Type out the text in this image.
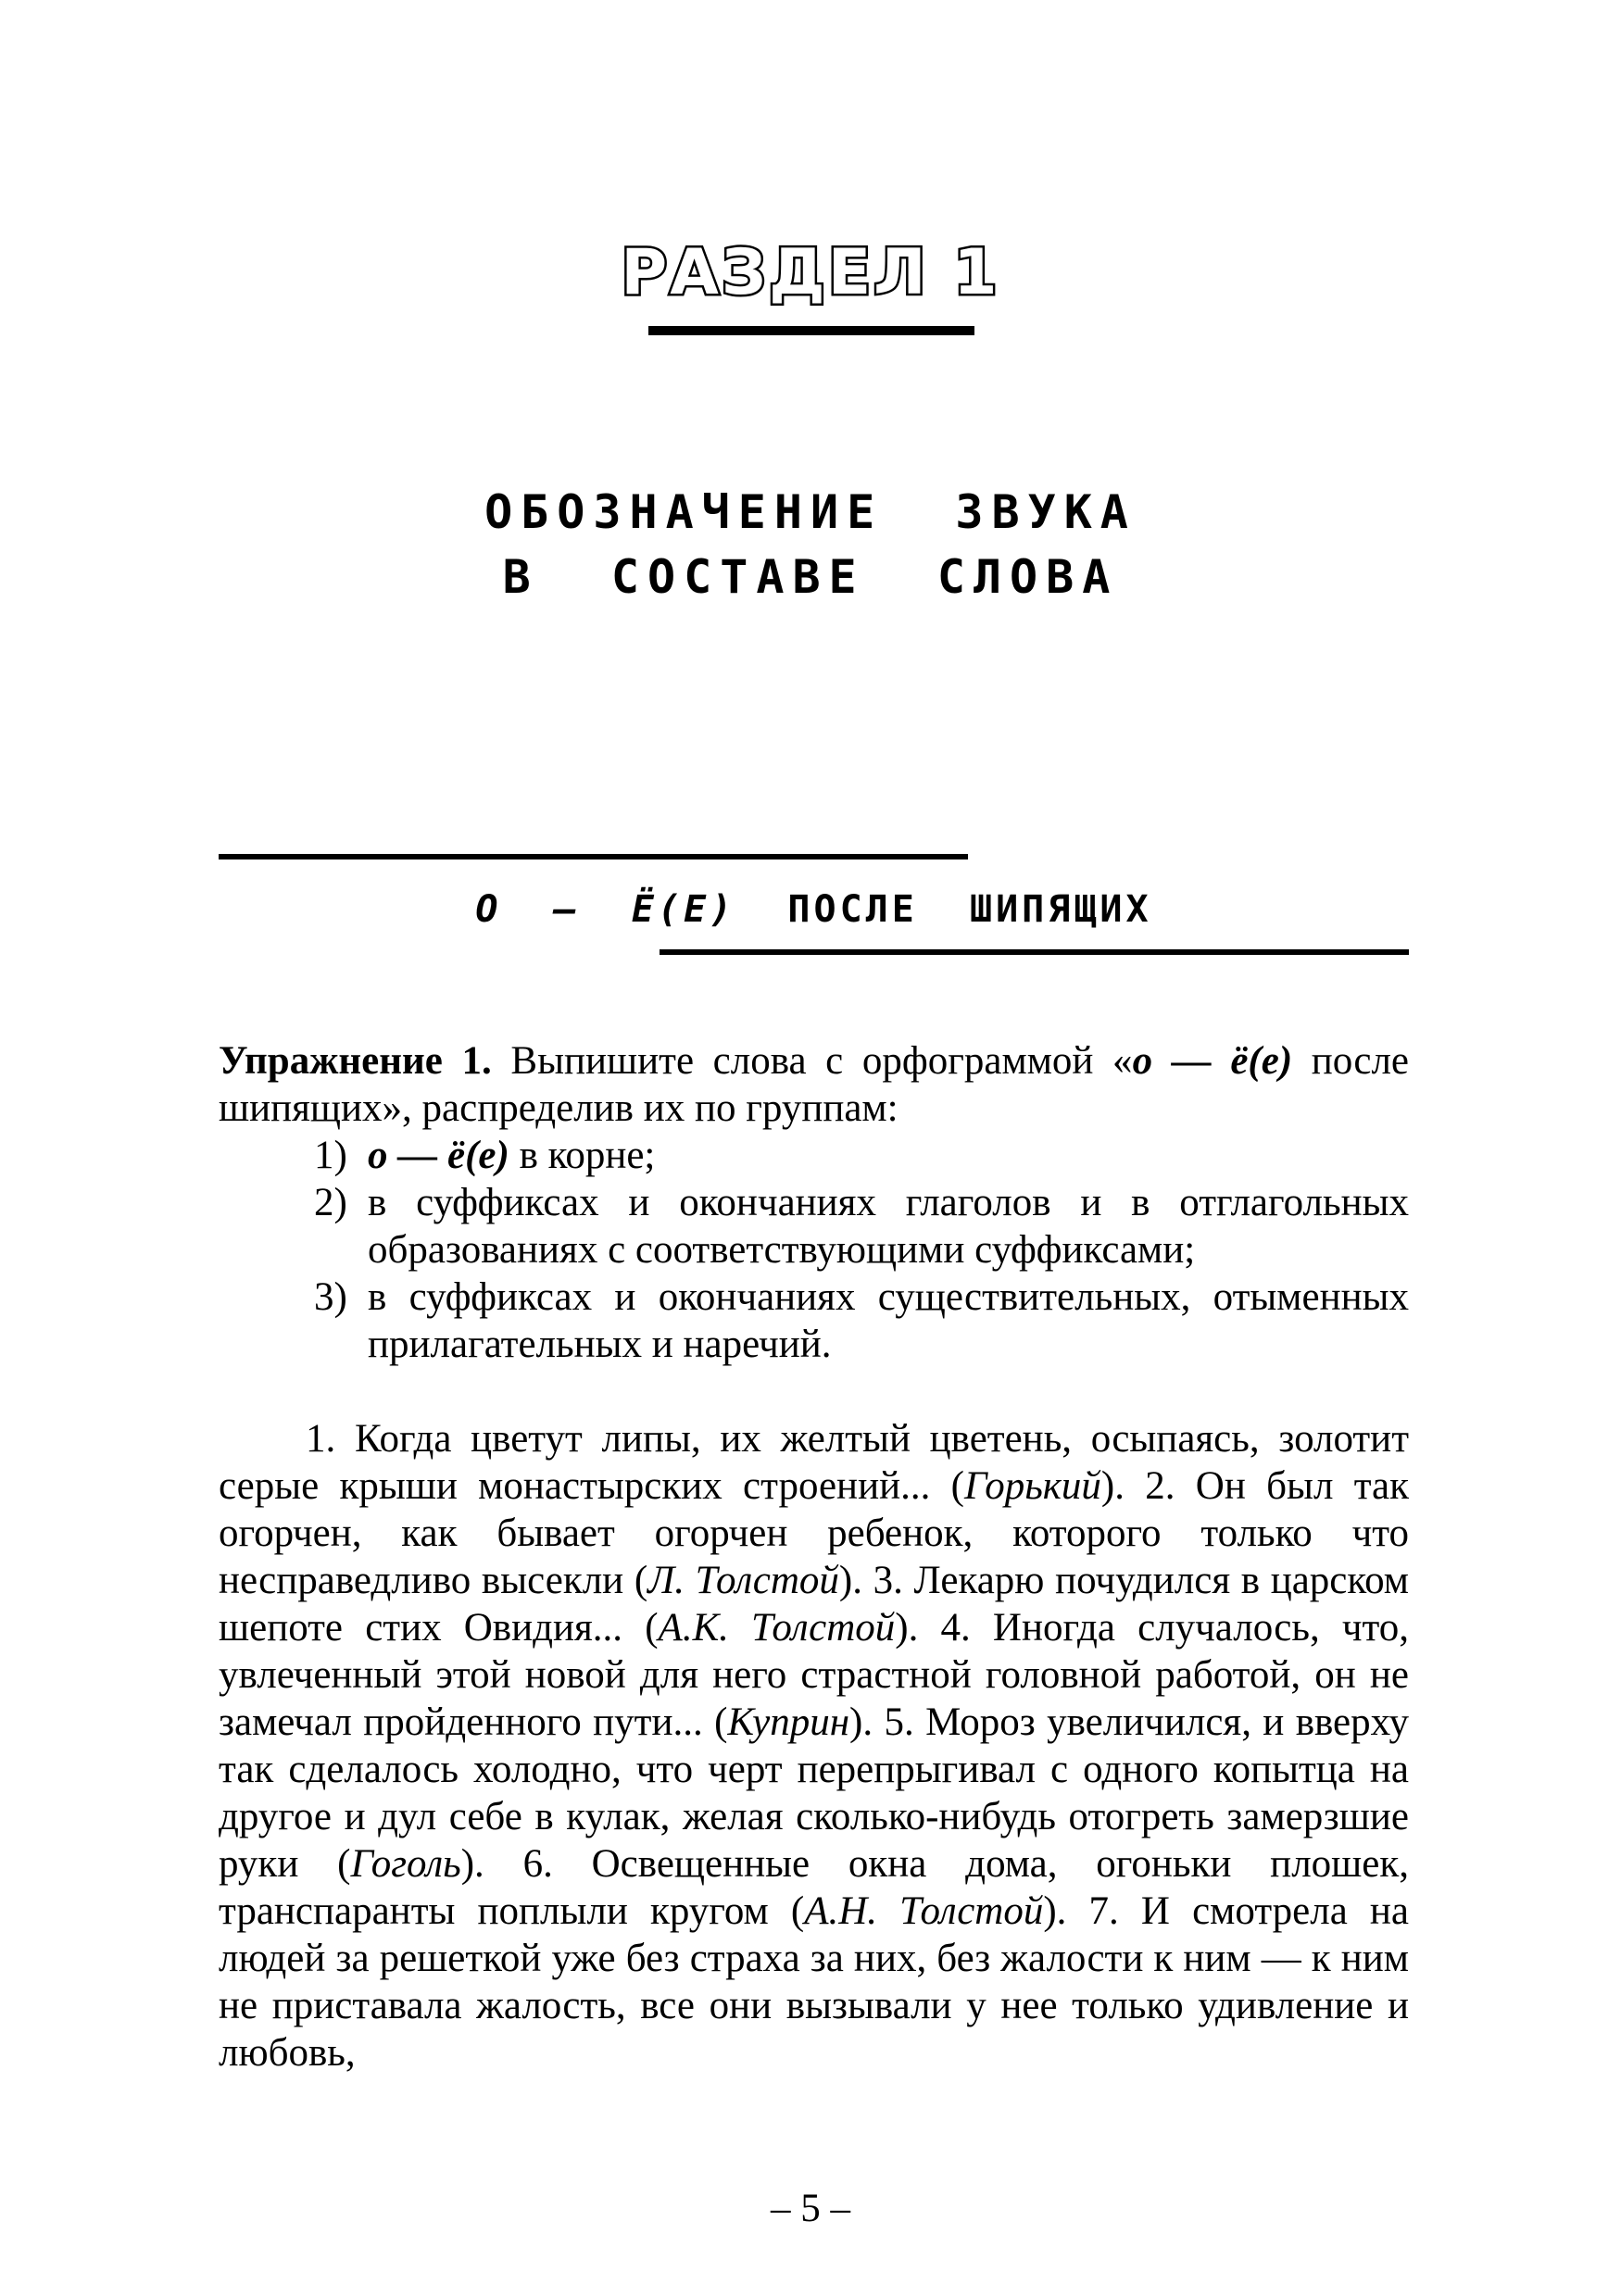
РАЗДЕЛ 1
ОБОЗНАЧЕНИЕ  ЗВУКА
В  СОСТАВЕ  СЛОВА
О  —  Ё(Е)  ПОСЛЕ  ШИПЯЩИХ
Упражнение 1. Выпишите слова с орфограммой «о — ё(е) после шипящих», распределив их по группам:
1) о — ё(е) в корне;
2) в суффиксах и окончаниях глаголов и в отглагольных образованиях с соответствующими суффиксами;
3) в суффиксах и окончаниях существительных, отыменных прилагательных и наречий.
1. Когда цветут липы, их желтый цветень, осыпаясь, золотит серые крыши монастырских строений... (Горький). 2. Он был так огорчен, как бывает огорчен ребенок, которого только что несправедливо высекли (Л. Толстой). 3. Лекарю почудился в царском шепоте стих Овидия... (А.К. Толстой). 4. Иногда случалось, что, увлеченный этой новой для него страстной головной работой, он не замечал пройденного пути... (Куприн). 5. Мороз увеличился, и вверху так сделалось холодно, что черт перепрыгивал с одного копытца на другое и дул себе в кулак, желая сколько-нибудь отогреть замерзшие руки (Гоголь). 6. Освещенные окна дома, огоньки плошек, транспаранты поплыли кругом (А.Н. Толстой). 7. И смотрела на людей за решеткой уже без страха за них, без жалости к ним — к ним не приставала жалость, все они вызывали у нее только удивление и любовь,
– 5 –
